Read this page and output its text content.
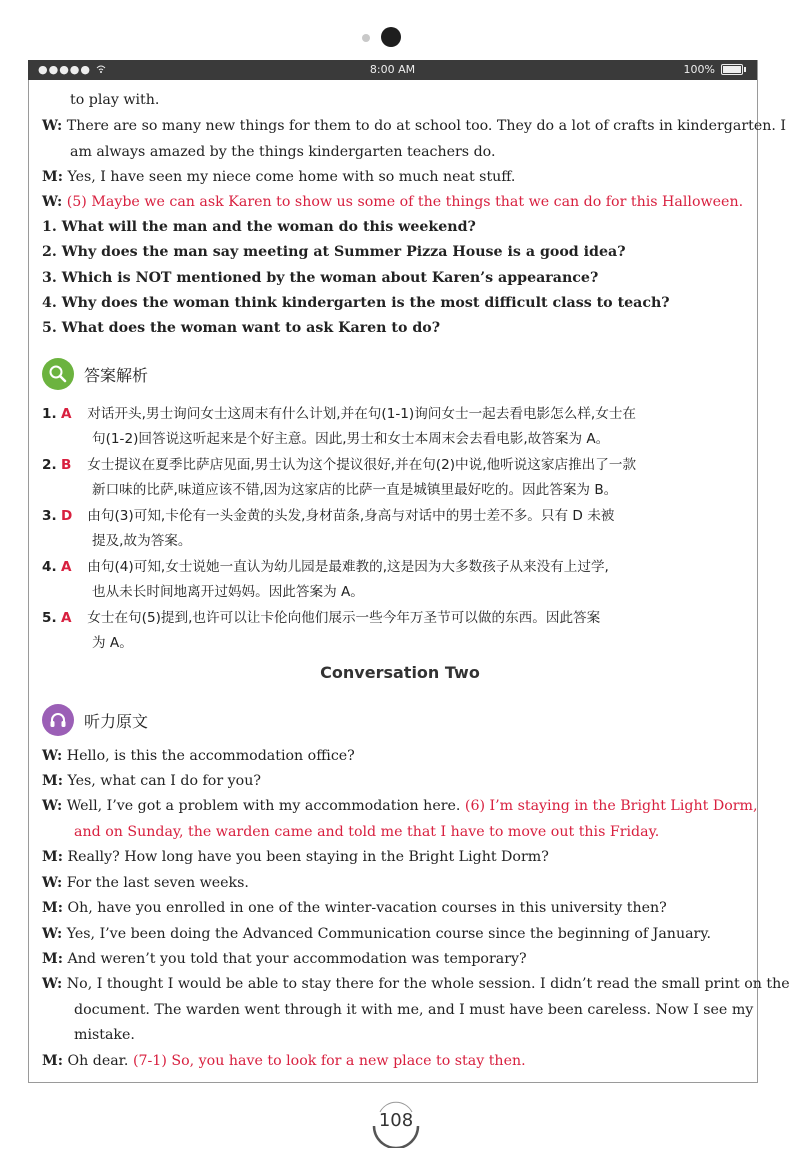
●●●●●	8:00 AM	100%
to play with.
W: There are so many new things for them to do at school too. They do a lot of crafts in kindergarten. I
am always amazed by the things kindergarten teachers do.
M: Yes, I have seen my niece come home with so much neat stuff.
W: (5) Maybe we can ask Karen to show us some of the things that we can do for this Halloween.
1. What will the man and the woman do this weekend?
2. Why does the man say meeting at Summer Pizza House is a good idea?
3. Which is NOT mentioned by the woman about Karen’s appearance?
4. Why does the woman think kindergarten is the most difficult class to teach?
5. What does the woman want to ask Karen to do?
答案解析
1. A 对话开头,男士询问女士这周末有什么计划,并在句(1-1)询问女士一起去看电影怎么样,女士在
句(1-2)回答说这听起来是个好主意。因此,男士和女士本周末会去看电影,故答案为 A。
2. B 女士提议在夏季比萨店见面,男士认为这个提议很好,并在句(2)中说,他听说这家店推出了一款
新口味的比萨,味道应该不错,因为这家店的比萨一直是城镇里最好吃的。因此答案为 B。
3. D 由句(3)可知,卡伦有一头金黄的头发,身材苗条,身高与对话中的男士差不多。只有 D 未被
提及,故为答案。
4. A 由句(4)可知,女士说她一直认为幼儿园是最难教的,这是因为大多数孩子从来没有上过学,
也从未长时间地离开过妈妈。因此答案为 A。
5. A 女士在句(5)提到,也许可以让卡伦向他们展示一些今年万圣节可以做的东西。因此答案
为 A。
听力原文
W: Hello, is this the accommodation office?
M: Yes, what can I do for you?
W: Well, I’ve got a problem with my accommodation here. (6) I’m staying in the Bright Light Dorm,
and on Sunday, the warden came and told me that I have to move out this Friday.
M: Really? How long have you been staying in the Bright Light Dorm?
W: For the last seven weeks.
M: Oh, have you enrolled in one of the winter-vacation courses in this university then?
W: Yes, I’ve been doing the Advanced Communication course since the beginning of January.
M: And weren’t you told that your accommodation was temporary?
W: No, I thought I would be able to stay there for the whole session. I didn’t read the small print on the
document. The warden went through it with me, and I must have been careless. Now I see my
mistake.
M: Oh dear. (7-1) So, you have to look for a new place to stay then.
Conversation Two
108
